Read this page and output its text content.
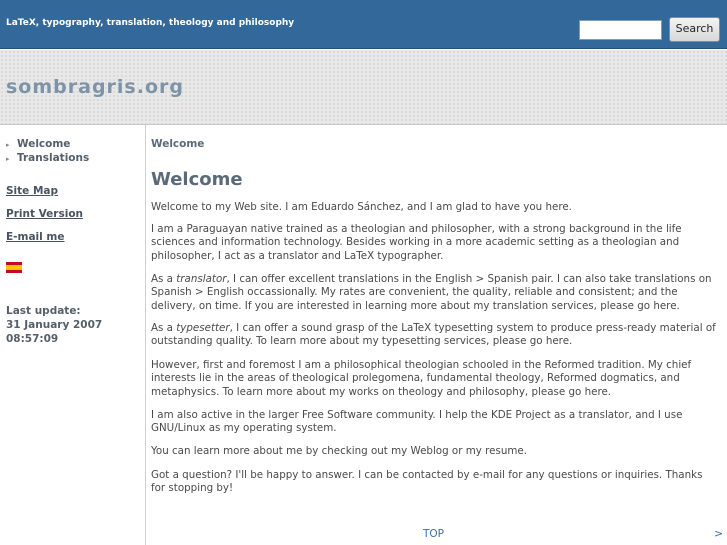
LaTeX, typography, translation, theology and philosophy	Search
sombragris.org
▸ Welcome
▸ Translations
Site Map
Print Version
E-mail me
Last update:
31 January 2007
08:57:09
Welcome
Welcome
Welcome to my Web site. I am Eduardo Sánchez, and I am glad to have you here.
I am a Paraguayan native trained as a theologian and philosopher, with a strong background in the life sciences and information technology. Besides working in a more academic setting as a theologian and philosopher, I act as a translator and LaTeX typographer.
As a translator, I can offer excellent translations in the English > Spanish pair. I can also take translations on Spanish > English occassionally. My rates are convenient, the quality, reliable and consistent; and the delivery, on time. If you are interested in learning more about my translation services, please go here.
As a typesetter, I can offer a sound grasp of the LaTeX typesetting system to produce press-ready material of outstanding quality. To learn more about my typesetting services, please go here.
However, first and foremost I am a philosophical theologian schooled in the Reformed tradition. My chief interests lie in the areas of theological prolegomena, fundamental theology, Reformed dogmatics, and metaphysics. To learn more about my works on theology and philosophy, please go here.
I am also active in the larger Free Software community. I help the KDE Project as a translator, and I use GNU/Linux as my operating system.
You can learn more about me by checking out my Weblog or my resume.
Got a question? I'll be happy to answer. I can be contacted by e-mail for any questions or inquiries. Thanks for stopping by!
TOP	>
